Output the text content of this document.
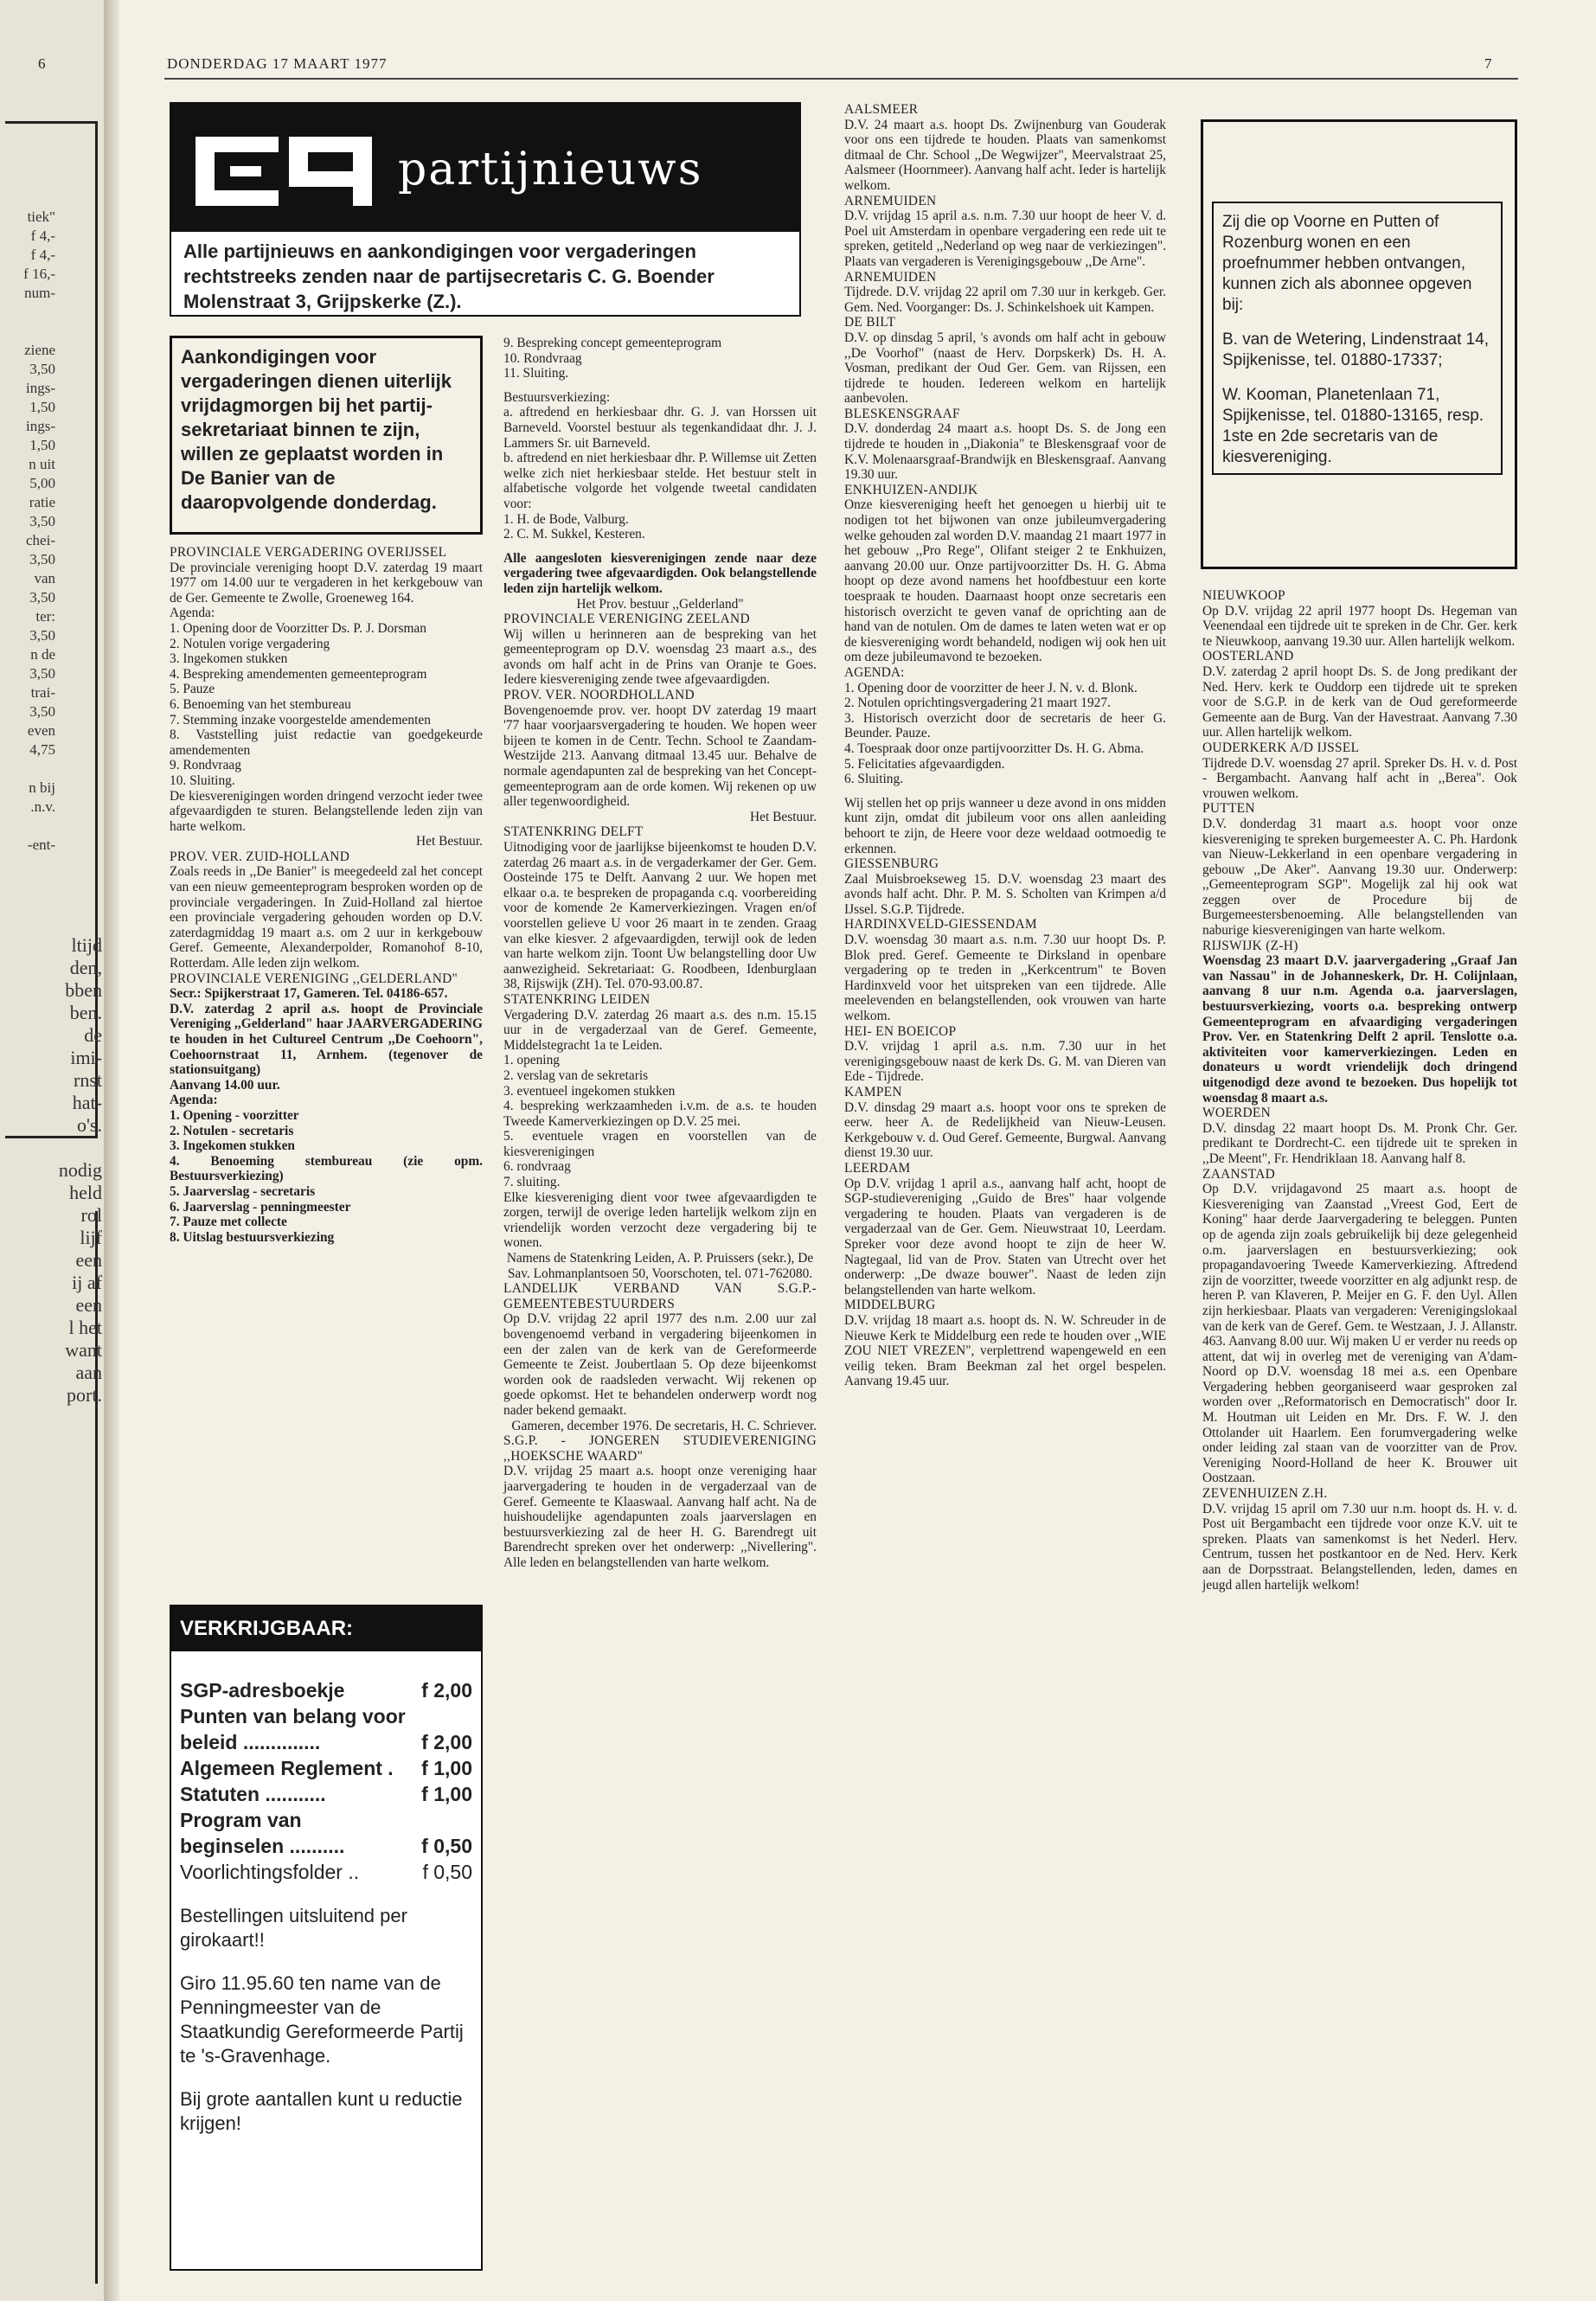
6
tiek"
f 4,-
f 4,-
f 16,-
num-

ziene
3,50
ings-
1,50
ings-
1,50
n uit
5,00
ratie
3,50
chei-
3,50
van
3,50
ter:
3,50
n de
3,50
trai-
3,50
even
4,75

n bij
.n.v.

-ent-
ltijd
den,
bben
ben.
de
imi-
rnst
hat-
o's.

nodig
held
rol
lijf
een
ij af
een
l het
want
aan
port.
DONDERDAG 17 MAART 1977	7
partijnieuws
Alle partijnieuws en aankondigingen voor vergaderingen rechtstreeks zenden naar de partijsecretaris C. G. Boender Molenstraat 3, Grijpskerke (Z.).
Aankondigingen voor vergaderingen dienen uiterlijk vrijdagmorgen bij het partij-sekretariaat binnen te zijn, willen ze geplaatst worden in De Banier van de daaropvolgende donderdag.

PROVINCIALE VERGADERING OVERIJSSEL

De provinciale vereniging hoopt D.V. zaterdag 19 maart 1977 om 14.00 uur te vergaderen in het kerkgebouw van de Ger. Gemeente te Zwolle, Groeneweg 164.

Agenda:

1. Opening door de Voorzitter Ds. P. J. Dorsman

2. Notulen vorige vergadering

3. Ingekomen stukken

4. Bespreking amendementen gemeenteprogram

5. Pauze

6. Benoeming van het stembureau

7. Stemming inzake voorgestelde amendementen

8. Vaststelling juist redactie van goedgekeurde amendementen

9. Rondvraag

10. Sluiting.

De kiesverenigingen worden dringend verzocht ieder twee afgevaardigden te sturen. Belangstellende leden zijn van harte welkom.

Het Bestuur.

PROV. VER. ZUID-HOLLAND

Zoals reeds in ,,De Banier" is meegedeeld zal het concept van een nieuw gemeenteprogram besproken worden op de provinciale vergaderingen. In Zuid-Holland zal hiertoe een provinciale vergadering gehouden worden op D.V. zaterdagmiddag 19 maart a.s. om 2 uur in kerkgebouw Geref. Gemeente, Alexanderpolder, Romanohof 8-10, Rotterdam. Alle leden zijn welkom.

PROVINCIALE VERENIGING ,,GELDERLAND"

Secr.: Spijkerstraat 17, Gameren. Tel. 04186-657.

D.V. zaterdag 2 april a.s. hoopt de Provinciale Vereniging ,,Gelderland" haar JAARVERGADERING te houden in het Cultureel Centrum ,,De Coehoorn", Coehoornstraat 11, Arnhem. (tegenover de stationsuitgang)

Aanvang 14.00 uur.

Agenda:

1. Opening - voorzitter

2. Notulen - secretaris

3. Ingekomen stukken

4. Benoeming stembureau (zie opm. Bestuursverkiezing)

5. Jaarverslag - secretaris

6. Jaarverslag - penningmeester

7. Pauze met collecte

8. Uitslag bestuursverkiezing

VERKRIJGBAAR:
SGP-adresboekje	f 2,00
Punten van belang voor
beleid ..............	f 2,00
Algemeen Reglement . f 1,00
Statuten ...........	f 1,00
Program van
beginselen ..........	f 0,50
Voorlichtingsfolder ..	f 0,50
Bestellingen uitsluitend per girokaart!!
Giro 11.95.60 ten name van de Penningmeester van de Staatkundig Gereformeerde Partij te 's-Gravenhage.
Bij grote aantallen kunt u reductie krijgen!

9. Bespreking concept gemeenteprogram

10. Rondvraag

11. Sluiting.

Bestuursverkiezing:

a. aftredend en herkiesbaar dhr. G. J. van Horssen uit Barneveld. Voorstel bestuur als tegenkandidaat dhr. J. J. Lammers Sr. uit Barneveld.

b. aftredend en niet herkiesbaar dhr. P. Willemse uit Zetten welke zich niet herkiesbaar stelde. Het bestuur stelt in alfabetische volgorde het volgende tweetal candidaten voor:

1. H. de Bode, Valburg.

2. C. M. Sukkel, Kesteren.

Alle aangesloten kiesverenigingen zende naar deze vergadering twee afgevaardigden. Ook belangstellende leden zijn hartelijk welkom.

Het Prov. bestuur ,,Gelderland"

PROVINCIALE VERENIGING ZEELAND

Wij willen u herinneren aan de bespreking van het gemeenteprogram op D.V. woensdag 23 maart a.s., des avonds om half acht in de Prins van Oranje te Goes. Iedere kiesvereniging zende twee afgevaardigden.

PROV. VER. NOORDHOLLAND

Bovengenoemde prov. ver. hoopt DV zaterdag 19 maart '77 haar voorjaarsvergadering te houden. We hopen weer bijeen te komen in de Centr. Techn. School te Zaandam-Westzijde 213. Aanvang ditmaal 13.45 uur. Behalve de normale agendapunten zal de bespreking van het Concept-gemeenteprogram aan de orde komen. Wij rekenen op uw aller tegenwoordigheid.

Het Bestuur.

STATENKRING DELFT

Uitnodiging voor de jaarlijkse bijeenkomst te houden D.V. zaterdag 26 maart a.s. in de vergaderkamer der Ger. Gem. Oosteinde 175 te Delft. Aanvang 2 uur. We hopen met elkaar o.a. te bespreken de propaganda c.q. voorbereiding voor de komende 2e Kamerverkiezingen. Vragen en/of voorstellen gelieve U voor 26 maart in te zenden. Graag van elke kiesver. 2 afgevaardigden, terwijl ook de leden van harte welkom zijn. Toont Uw belangstelling door Uw aanwezigheid. Sekretariaat: G. Roodbeen, Idenburglaan 38, Rijswijk (ZH). Tel. 070-93.00.87.

STATENKRING LEIDEN

Vergadering D.V. zaterdag 26 maart a.s. des n.m. 15.15 uur in de vergaderzaal van de Geref. Gemeente, Middelstegracht 1a te Leiden.

1. opening

2. verslag van de sekretaris

3. eventueel ingekomen stukken

4. bespreking werkzaamheden i.v.m. de a.s. te houden Tweede Kamerverkiezingen op D.V. 25 mei.

5. eventuele vragen en voorstellen van de kiesverenigingen

6. rondvraag

7. sluiting.

Elke kiesvereniging dient voor twee afgevaardigden te zorgen, terwijl de overige leden hartelijk welkom zijn en vriendelijk worden verzocht deze vergadering bij te wonen.

Namens de Statenkring Leiden, A. P. Pruissers (sekr.), De Sav. Lohmanplantsoen 50, Voorschoten, tel. 071-762080.

LANDELIJK VERBAND VAN S.G.P.-GEMEENTEBESTUURDERS

Op D.V. vrijdag 22 april 1977 des n.m. 2.00 uur zal bovengenoemd verband in vergadering bijeenkomen in een der zalen van de kerk van de Gereformeerde Gemeente te Zeist. Joubertlaan 5. Op deze bijeenkomst worden ook de raadsleden verwacht. Wij rekenen op goede opkomst. Het te behandelen onderwerp wordt nog nader bekend gemaakt.

Gameren, december 1976. De secretaris, H. C. Schriever.

S.G.P. - JONGEREN STUDIEVERENIGING ,,HOEKSCHE WAARD"

D.V. vrijdag 25 maart a.s. hoopt onze vereniging haar jaarvergadering te houden in de vergaderzaal van de Geref. Gemeente te Klaaswaal. Aanvang half acht. Na de huishoudelijke agendapunten zoals jaarverslagen en bestuursverkiezing zal de heer H. G. Barendregt uit Barendrecht spreken over het onderwerp: ,,Nivellering". Alle leden en belangstellenden van harte welkom.

AALSMEER

D.V. 24 maart a.s. hoopt Ds. Zwijnenburg van Gouderak voor ons een tijdrede te houden. Plaats van samenkomst ditmaal de Chr. School ,,De Wegwijzer", Meervalstraat 25, Aalsmeer (Hoornmeer). Aanvang half acht. Ieder is hartelijk welkom.

ARNEMUIDEN

D.V. vrijdag 15 april a.s. n.m. 7.30 uur hoopt de heer V. d. Poel uit Amsterdam in openbare vergadering een rede uit te spreken, getiteld ,,Nederland op weg naar de verkiezingen". Plaats van vergaderen is Verenigingsgebouw ,,De Arne".

ARNEMUIDEN

Tijdrede. D.V. vrijdag 22 april om 7.30 uur in kerkgeb. Ger. Gem. Ned. Voorganger: Ds. J. Schinkelshoek uit Kampen.

DE BILT

D.V. op dinsdag 5 april, 's avonds om half acht in gebouw ,,De Voorhof" (naast de Herv. Dorpskerk) Ds. H. A. Vosman, predikant der Oud Ger. Gem. van Rijssen, een tijdrede te houden. Iedereen welkom en hartelijk aanbevolen.

BLESKENSGRAAF

D.V. donderdag 24 maart a.s. hoopt Ds. S. de Jong een tijdrede te houden in ,,Diakonia" te Bleskensgraaf voor de K.V. Molenaarsgraaf-Brandwijk en Bleskensgraaf. Aanvang 19.30 uur.

ENKHUIZEN-ANDIJK

Onze kiesvereniging heeft het genoegen u hierbij uit te nodigen tot het bijwonen van onze jubileumvergadering welke gehouden zal worden D.V. maandag 21 maart 1977 in het gebouw ,,Pro Rege", Olifant steiger 2 te Enkhuizen, aanvang 20.00 uur. Onze partijvoorzitter Ds. H. G. Abma hoopt op deze avond namens het hoofdbestuur een korte toespraak te houden. Daarnaast hoopt onze secretaris een historisch overzicht te geven vanaf de oprichting aan de hand van de notulen. Om de dames te laten weten wat er op de kiesvereniging wordt behandeld, nodigen wij ook hen uit om deze jubileumavond te bezoeken.

AGENDA:

1. Opening door de voorzitter de heer J. N. v. d. Blonk.

2. Notulen oprichtingsvergadering 21 maart 1927.

3. Historisch overzicht door de secretaris de heer G. Beunder. Pauze.

4. Toespraak door onze partijvoorzitter Ds. H. G. Abma.

5. Felicitaties afgevaardigden.

6. Sluiting.

Wij stellen het op prijs wanneer u deze avond in ons midden kunt zijn, omdat dit jubileum voor ons allen aanleiding behoort te zijn, de Heere voor deze weldaad ootmoedig te erkennen.

GIESSENBURG

Zaal Muisbroekseweg 15. D.V. woensdag 23 maart des avonds half acht. Dhr. P. M. S. Scholten van Krimpen a/d IJssel. S.G.P. Tijdrede.

HARDINXVELD-GIESSENDAM

D.V. woensdag 30 maart a.s. n.m. 7.30 uur hoopt Ds. P. Blok pred. Geref. Gemeente te Dirksland in openbare vergadering op te treden in ,,Kerkcentrum" te Boven Hardinxveld voor het uitspreken van een tijdrede. Alle meelevenden en belangstellenden, ook vrouwen van harte welkom.

HEI- EN BOEICOP

D.V. vrijdag 1 april a.s. n.m. 7.30 uur in het verenigingsgebouw naast de kerk Ds. G. M. van Dieren van Ede - Tijdrede.

KAMPEN

D.V. dinsdag 29 maart a.s. hoopt voor ons te spreken de eerw. heer A. de Redelijkheid van Nieuw-Leusen. Kerkgebouw v. d. Oud Geref. Gemeente, Burgwal. Aanvang dienst 19.30 uur.

LEERDAM

Op D.V. vrijdag 1 april a.s., aanvang half acht, hoopt de SGP-studievereniging ,,Guido de Bres" haar volgende vergadering te houden. Plaats van vergaderen is de vergaderzaal van de Ger. Gem. Nieuwstraat 10, Leerdam. Spreker voor deze avond hoopt te zijn de heer W. Nagtegaal, lid van de Prov. Staten van Utrecht over het onderwerp: ,,De dwaze bouwer". Naast de leden zijn belangstellenden van harte welkom.

MIDDELBURG

D.V. vrijdag 18 maart a.s. hoopt ds. N. W. Schreuder in de Nieuwe Kerk te Middelburg een rede te houden over ,,WIE ZOU NIET VREZEN", verplettrend wapengeweld en een veilig teken. Bram Beekman zal het orgel bespelen. Aanvang 19.45 uur.

Zij die op Voorne en Putten of Rozenburg wonen en een proefnummer hebben ontvangen, kunnen zich als abonnee opgeven bij:

B. van de Wetering, Lindenstraat 14, Spijkenisse, tel. 01880-17337;

W. Kooman, Planetenlaan 71, Spijkenisse, tel. 01880-13165, resp. 1ste en 2de secretaris van de kiesvereniging.

NIEUWKOOP

Op D.V. vrijdag 22 april 1977 hoopt Ds. Hegeman van Veenendaal een tijdrede uit te spreken in de Chr. Ger. kerk te Nieuwkoop, aanvang 19.30 uur. Allen hartelijk welkom.

OOSTERLAND

D.V. zaterdag 2 april hoopt Ds. S. de Jong predikant der Ned. Herv. kerk te Ouddorp een tijdrede uit te spreken voor de S.G.P. in de kerk van de Oud gereformeerde Gemeente aan de Burg. Van der Havestraat. Aanvang 7.30 uur. Allen hartelijk welkom.

OUDERKERK A/D IJSSEL

Tijdrede D.V. woensdag 27 april. Spreker Ds. H. v. d. Post - Bergambacht. Aanvang half acht in ,,Berea". Ook vrouwen welkom.

PUTTEN

D.V. donderdag 31 maart a.s. hoopt voor onze kiesvereniging te spreken burgemeester A. C. Ph. Hardonk van Nieuw-Lekkerland in een openbare vergadering in gebouw ,,De Aker". Aanvang 19.30 uur. Onderwerp: ,,Gemeenteprogram SGP". Mogelijk zal hij ook wat zeggen over de Procedure bij de Burgemeestersbenoeming. Alle belangstellenden van naburige kiesverenigingen van harte welkom.

RIJSWIJK (Z-H)

Woensdag 23 maart D.V. jaarvergadering ,,Graaf Jan van Nassau" in de Johanneskerk, Dr. H. Colijnlaan, aanvang 8 uur n.m. Agenda o.a. jaarverslagen, bestuursverkiezing, voorts o.a. bespreking ontwerp Gemeenteprogram en afvaardiging vergaderingen Prov. Ver. en Statenkring Delft 2 april. Tenslotte o.a. aktiviteiten voor kamerverkiezingen. Leden en donateurs u wordt vriendelijk doch dringend uitgenodigd deze avond te bezoeken. Dus hopelijk tot woensdag 8 maart a.s.

WOERDEN

D.V. dinsdag 22 maart hoopt Ds. M. Pronk Chr. Ger. predikant te Dordrecht-C. een tijdrede uit te spreken in ,,De Meent", Fr. Hendriklaan 18. Aanvang half 8.

ZAANSTAD

Op D.V. vrijdagavond 25 maart a.s. hoopt de Kiesvereniging van Zaanstad ,,Vreest God, Eert de Koning" haar derde Jaarvergadering te beleggen. Punten op de agenda zijn zoals gebruikelijk bij deze gelegenheid o.m. jaarverslagen en bestuursverkiezing; ook propagandavoering Tweede Kamerverkiezing. Aftredend zijn de voorzitter, tweede voorzitter en alg adjunkt resp. de heren P. van Klaveren, P. Meijer en G. F. den Uyl. Allen zijn herkiesbaar. Plaats van vergaderen: Verenigingslokaal van de kerk van de Geref. Gem. te Westzaan, J. J. Allanstr. 463. Aanvang 8.00 uur. Wij maken U er verder nu reeds op attent, dat wij in overleg met de vereniging van A'dam-Noord op D.V. woensdag 18 mei a.s. een Openbare Vergadering hebben georganiseerd waar gesproken zal worden over ,,Reformatorisch en Democratisch" door Ir. M. Houtman uit Leiden en Mr. Drs. F. W. J. den Ottolander uit Haarlem. Een forumvergadering welke onder leiding zal staan van de voorzitter van de Prov. Vereniging Noord-Holland de heer K. Brouwer uit Oostzaan.

ZEVENHUIZEN Z.H.

D.V. vrijdag 15 april om 7.30 uur n.m. hoopt ds. H. v. d. Post uit Bergambacht een tijdrede voor onze K.V. uit te spreken. Plaats van samenkomst is het Nederl. Herv. Centrum, tussen het postkantoor en de Ned. Herv. Kerk aan de Dorpsstraat. Belangstellenden, leden, dames en jeugd allen hartelijk welkom!
